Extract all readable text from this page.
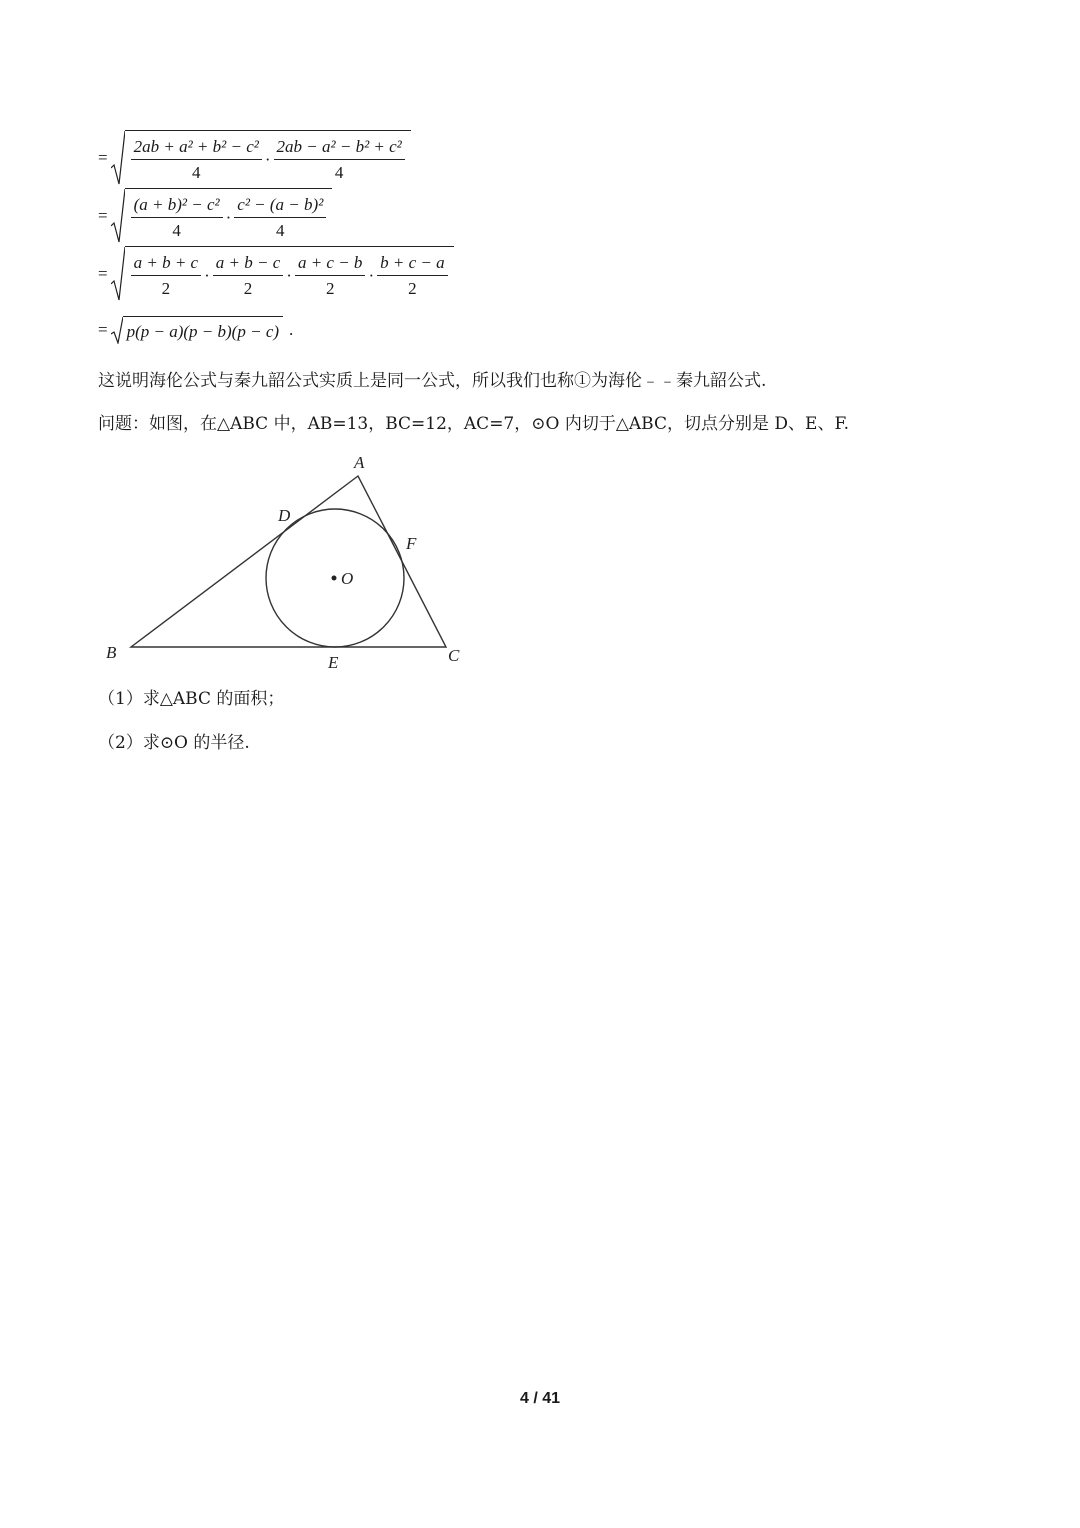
= $\frac{\text{2ab + a² + b² − c²}}{4} \cdot \frac{\text{2ab − a² − b² + c²}}{4}$
= $\frac{\text{(a + b)² − c²}}{4} \cdot \frac{\text{c² − (a − b)²}}{4}$
= $\frac{a + b + c}{2} \cdot \frac{a + b - c}{2} \cdot \frac{a + c - b}{2} \cdot \frac{b + c - a}{2}$
= p(p − a)(p − b)(p − c) .
这说明海伦公式与秦九韶公式实质上是同一公式，所以我们也称①为海伦﹣﹣秦九韶公式.
问题：如图，在△ABC 中，AB=13，BC=12，AC=7，⊙O 内切于△ABC，切点分别是 D、E、F.
A
B	C
D
E
F
O
（1）求△ABC 的面积；
（2）求⊙O 的半径.
4 / 41
